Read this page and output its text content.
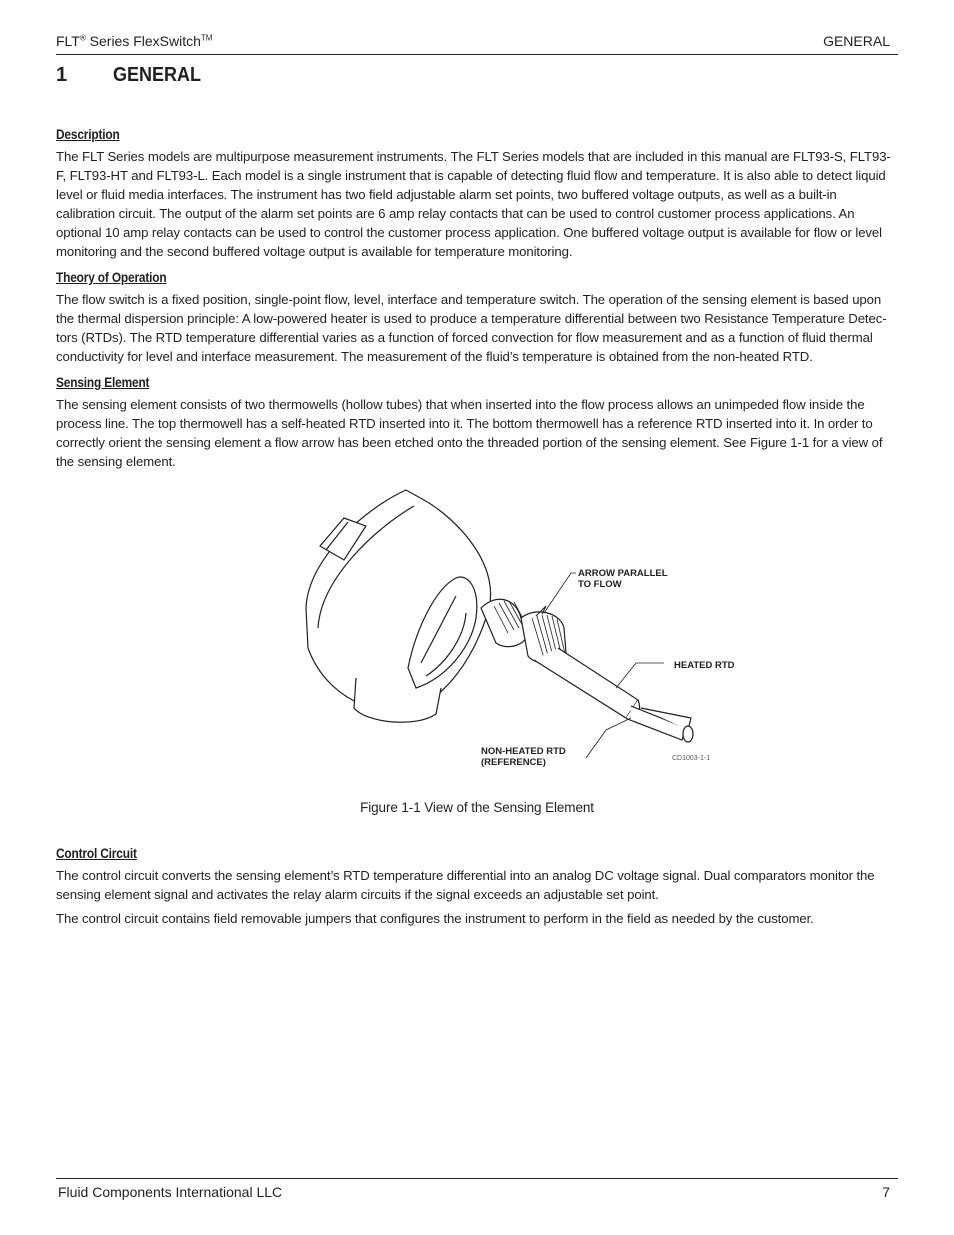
FLT® Series FlexSwitch™	GENERAL
1 GENERAL
Description

The FLT Series models are multipurpose measurement instruments. The FLT Series models that are included in this manual are FLT93-S, FLT93-F, FLT93-HT and FLT93-L. Each model is a single instrument that is capable of detecting fluid flow and temperature. It is also able to detect liquid level or fluid media interfaces. The instrument has two field adjustable alarm set points, two buffered voltage outputs, as well as a built-in calibration circuit. The output of the alarm set points are 6 amp relay contacts that can be used to control customer process applications. An optional 10 amp relay contacts can be used to control the customer process application. One buffered voltage output is available for flow or level monitoring and the second buffered voltage output is available for temperature monitoring.

Theory of Operation

The flow switch is a fixed position, single-point flow, level, interface and temperature switch. The operation of the sensing element is based upon the thermal dispersion principle: A low-powered heater is used to produce a temperature differential between two Resistance Temperature Detec-tors (RTDs). The RTD temperature differential varies as a function of forced convection for flow measurement and as a function of fluid thermal conductivity for level and interface measurement. The measurement of the fluid’s temperature is obtained from the non-heated RTD.

Sensing Element

The sensing element consists of two thermowells (hollow tubes) that when inserted into the flow process allows an unimpeded flow inside the process line. The top thermowell has a self-heated RTD inserted into it. The bottom thermowell has a reference RTD inserted into it. In order to correctly orient the sensing element a flow arrow has been etched onto the threaded portion of the sensing element. See Figure 1-1 for a view of the sensing element.

ARROW PARALLEL
TO FLOW
HEATED RTD
NON-HEATED RTD
(REFERENCE)	CD1003-1-1

Figure 1-1 View of the Sensing Element

Control Circuit

The control circuit converts the sensing element’s RTD temperature differential into an analog DC voltage signal. Dual comparators monitor the sensing element signal and activates the relay alarm circuits if the signal exceeds an adjustable set point.

The control circuit contains field removable jumpers that configures the instrument to perform in the field as needed by the customer.

Fluid Components International LLC	7
